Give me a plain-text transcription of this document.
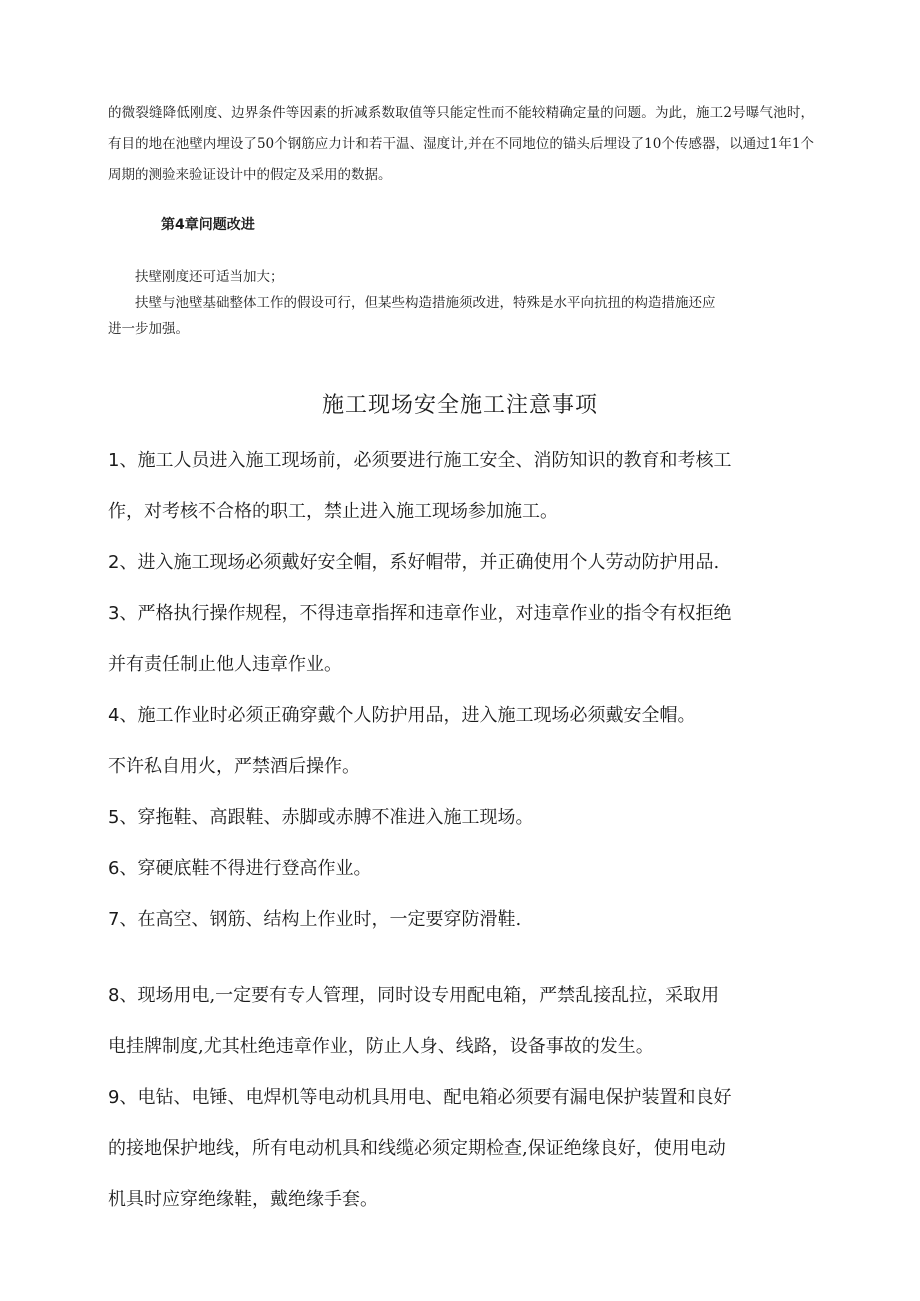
的微裂缝降低刚度、边界条件等因素的折减系数取值等只能定性而不能较精确定量的问题。为此，施工2号曝气池时，有目的地在池壁内埋设了50个钢筋应力计和若干温、湿度计,并在不同地位的锚头后埋设了10个传感器，以通过1年1个周期的测验来验证设计中的假定及采用的数据。

第4章问题改进

扶壁刚度还可适当加大；

扶壁与池壁基础整体工作的假设可行，但某些构造措施须改进，特殊是水平向抗扭的构造措施还应

进一步加强。

施工现场安全施工注意事项

1、施工人员进入施工现场前，必须要进行施工安全、消防知识的教育和考核工

作，对考核不合格的职工，禁止进入施工现场参加施工。

2、进入施工现场必须戴好安全帽，系好帽带，并正确使用个人劳动防护用品.

3、严格执行操作规程，不得违章指挥和违章作业，对违章作业的指令有权拒绝

并有责任制止他人违章作业。

4、施工作业时必须正确穿戴个人防护用品，进入施工现场必须戴安全帽。

不许私自用火，严禁酒后操作。

5、穿拖鞋、高跟鞋、赤脚或赤膊不准进入施工现场。

6、穿硬底鞋不得进行登高作业。

7、在高空、钢筋、结构上作业时，一定要穿防滑鞋.

8、现场用电,一定要有专人管理，同时设专用配电箱，严禁乱接乱拉，采取用

电挂牌制度,尤其杜绝违章作业，防止人身、线路，设备事故的发生。

9、电钻、电锤、电焊机等电动机具用电、配电箱必须要有漏电保护装置和良好

的接地保护地线，所有电动机具和线缆必须定期检查,保证绝缘良好，使用电动

机具时应穿绝缘鞋，戴绝缘手套。
